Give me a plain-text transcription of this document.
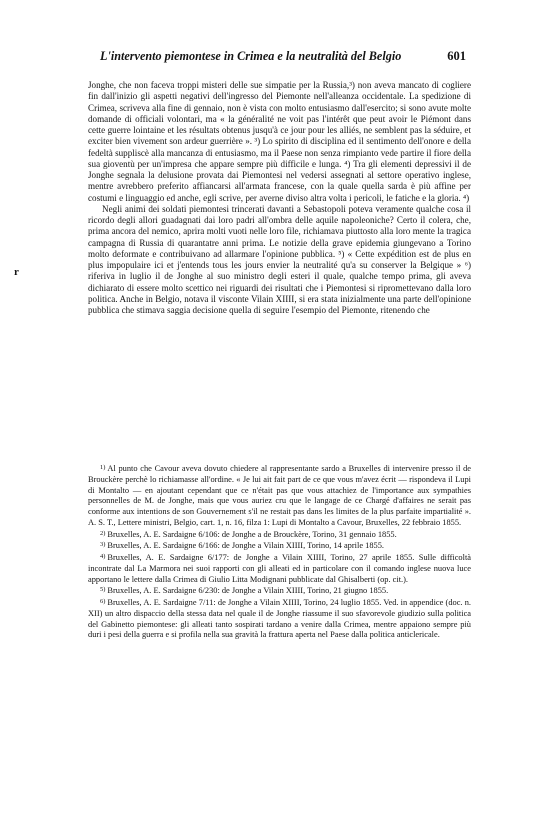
L'intervento piemontese in Crimea e la neutralità del Belgio	601
r

Jonghe, che non faceva troppi misteri delle sue simpatie per la Russia,³) non aveva mancato di cogliere fin dall'inizio gli aspetti negativi dell'ingresso del Piemonte nell'alleanza occidentale. La spedizione di Crimea, scriveva alla fine di gennaio, non è vista con molto entusiasmo dall'esercito; si sono avute molte domande di officiali volontari, ma « la généralité ne voit pas l'intérêt que peut avoir le Piémont dans cette guerre lointaine et les résultats obtenus jusqu'à ce jour pour les alliés, ne semblent pas la séduire, et exciter bien vivement son ardeur guerrière ». ³) Lo spirito di disciplina ed il sentimento dell'onore e della fedeltà suppliscè alla mancanza di entusiasmo, ma il Paese non senza rimpianto vede partire il fiore della sua gioventù per un'impresa che appare sempre più difficile e lunga. ⁴) Tra gli elementi depressivi il de Jonghe segnala la delusione provata dai Piemontesi nel vedersi assegnati al settore operativo inglese, mentre avrebbero preferito affiancarsi all'armata francese, con la quale quella sarda è più affine per costumi e linguaggio ed anche, egli scrive, per averne diviso altra volta i pericoli, le fatiche e la gloria. ⁴)

Negli animi dei soldati piemontesi trincerati davanti a Sebastopoli poteva veramente qualche cosa il ricordo degli allori guadagnati dai loro padri all'ombra delle aquile napoleoniche? Certo il colera, che, prima ancora del nemico, aprira molti vuoti nelle loro file, richiamava piuttosto alla loro mente la tragica campagna di Russia di quarantatre anni prima. Le notizie della grave epidemia giungevano a Torino molto deformate e contribuivano ad allarmare l'opinione pubblica. ⁵) « Cette expédition est de plus en plus impopulaire ici et j'entends tous les jours envier la neutralité qu'a su conserver la Belgique » ⁶) riferiva in luglio il de Jonghe al suo ministro degli esteri il quale, qualche tempo prima, gli aveva dichiarato di essere molto scettico nei riguardi dei risultati che i Piemontesi si ripromettevano dalla loro politica. Anche in Belgio, notava il visconte Vilain XIIII, si era stata inizialmente una parte dell'opinione pubblica che stimava saggia decisione quella di seguire l'esempio del Piemonte, ritenendo che

$^{1)}$ Al punto che Cavour aveva dovuto chiedere al rappresentante sardo a Bruxelles di intervenire presso il de Brouckère perchè lo richiamasse all'ordine. « Je lui ait fait part de ce que vous m'avez écrit — rispondeva il Lupi di Montalto — en ajoutant cependant que ce n'était pas que vous attachiez de l'importance aux sympathies personnelles de M. de Jonghe, mais que vous auriez cru que le langage de ce Chargé d'affaires ne serait pas conforme aux intentions de son Gouvernement s'il ne restait pas dans les limites de la plus parfaite impartialité ». A. S. T., Lettere ministri, Belgio, cart. 1, n. 16, filza 1: Lupi di Montalto a Cavour, Bruxelles, 22 febbraio 1855.

$^{2)}$ Bruxelles, A. E. Sardaigne 6/106: de Jonghe a de Brouckère, Torino, 31 gennaio 1855.

$^{3)}$ Bruxelles, A. E. Sardaigne 6/166: de Jonghe a Vilain XIIII, Torino, 14 aprile 1855.

$^{4)}$ Bruxelles, A. E. Sardaigne 6/177: de Jonghe a Vilain XIIII, Torino, 27 aprile 1855. Sulle difficoltà incontrate dal La Marmora nei suoi rapporti con gli alleati ed in particolare con il comando inglese nuova luce apportano le lettere dalla Crimea di Giulio Litta Modignani pubblicate dal Ghisalberti (op. cit.).

$^{5)}$ Bruxelles, A. E. Sardaigne 6/230: de Jonghe a Vilain XIIII, Torino, 21 giugno 1855.

$^{6)}$ Bruxelles, A. E. Sardaigne 7/11: de Jonghe a Vilain XIIII, Torino, 24 luglio 1855. Ved. in appendice (doc. n. XII) un altro dispaccio della stessa data nel quale il de Jonghe riassume il suo sfavorevole giudizio sulla politica del Gabinetto piemontese: gli alleati tanto sospirati tardano a venire dalla Crimea, mentre appaiono sempre più duri i pesi della guerra e si profila nella sua gravità la frattura aperta nel Paese dalla politica anticlericale.
